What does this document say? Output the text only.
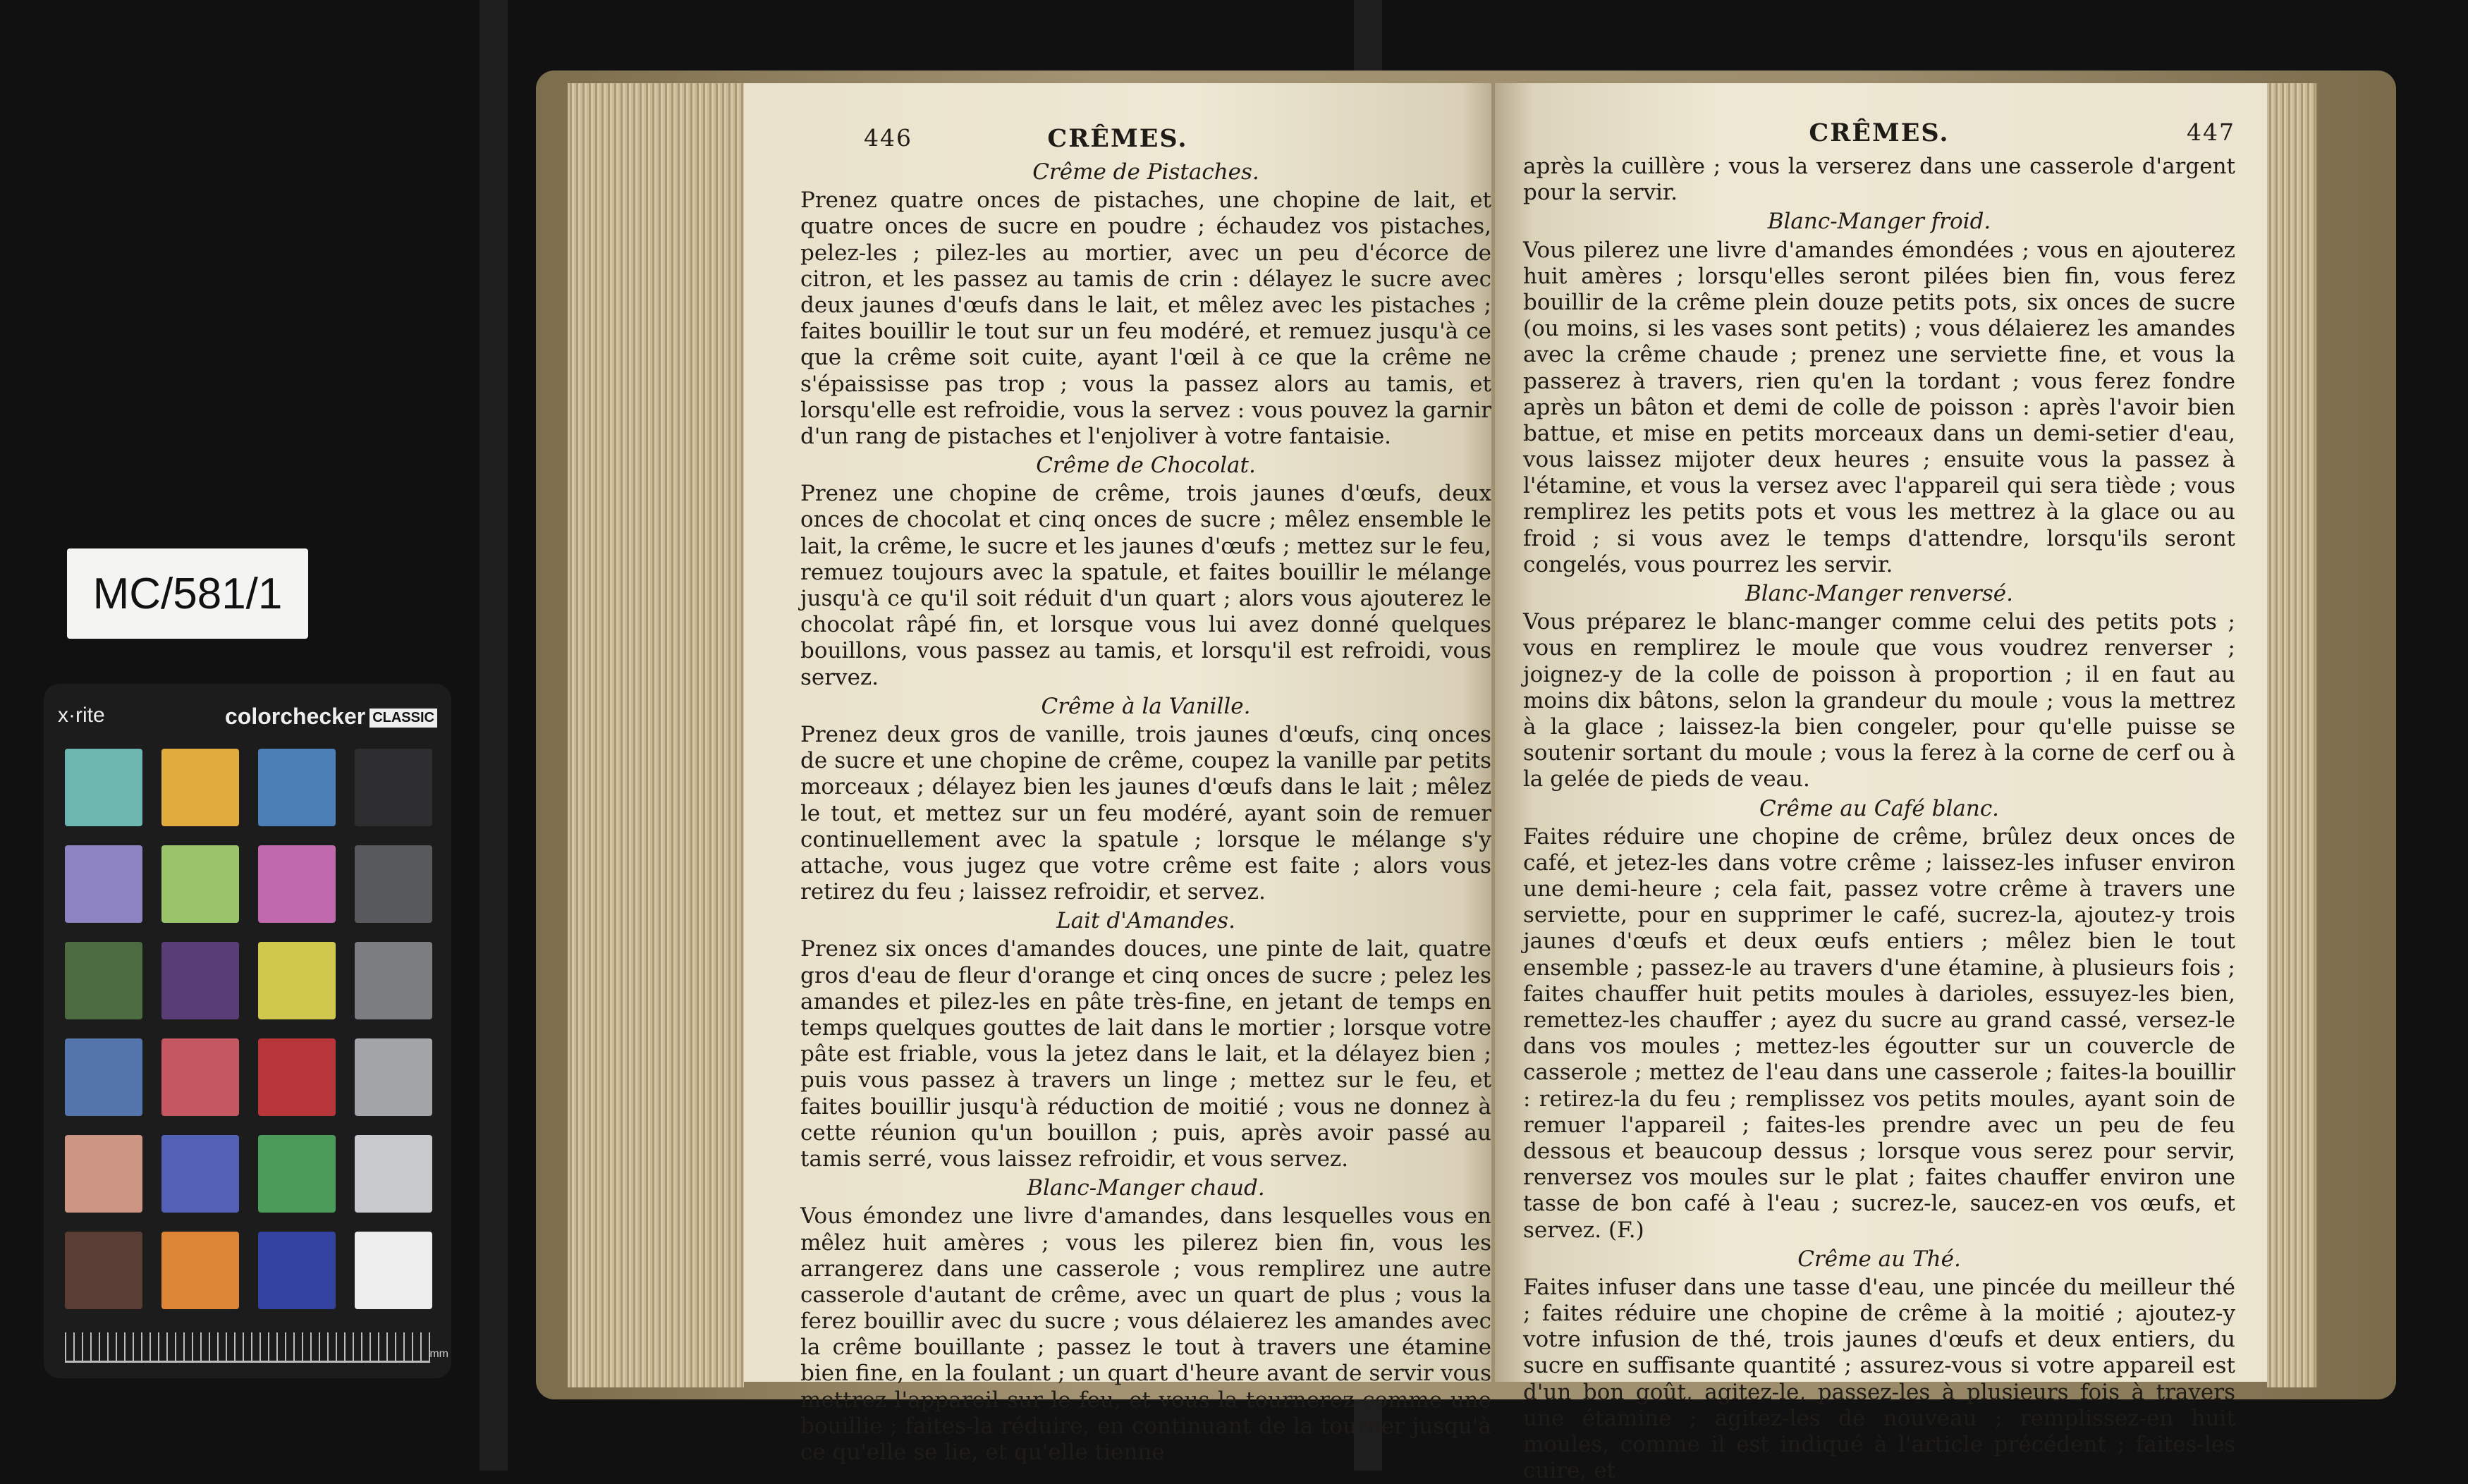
MC/581/1
x·rite	colorchecker CLASSIC
mm
446	CRÊMES.
Crême de Pistaches.

Prenez quatre onces de pistaches, une chopine de lait, et quatre onces de sucre en poudre ; échaudez vos pistaches, pelez-les ; pilez-les au mortier, avec un peu d'écorce de citron, et les passez au tamis de crin : délayez le sucre avec deux jaunes d'œufs dans le lait, et mêlez avec les pistaches ; faites bouillir le tout sur un feu modéré, et remuez jusqu'à ce que la crême soit cuite, ayant l'œil à ce que la crême ne s'épaississe pas trop ; vous la passez alors au tamis, et lorsqu'elle est refroidie, vous la servez : vous pouvez la garnir d'un rang de pistaches et l'enjoliver à votre fantaisie.

Crême de Chocolat.

Prenez une chopine de crême, trois jaunes d'œufs, deux onces de chocolat et cinq onces de sucre ; mêlez ensemble le lait, la crême, le sucre et les jaunes d'œufs ; mettez sur le feu, remuez toujours avec la spatule, et faites bouillir le mélange jusqu'à ce qu'il soit réduit d'un quart ; alors vous ajouterez le chocolat râpé fin, et lorsque vous lui avez donné quelques bouillons, vous passez au tamis, et lorsqu'il est refroidi, vous servez.

Crême à la Vanille.

Prenez deux gros de vanille, trois jaunes d'œufs, cinq onces de sucre et une chopine de crême, coupez la vanille par petits morceaux ; délayez bien les jaunes d'œufs dans le lait ; mêlez le tout, et mettez sur un feu modéré, ayant soin de remuer continuellement avec la spatule ; lorsque le mélange s'y attache, vous jugez que votre crême est faite ; alors vous retirez du feu ; laissez refroidir, et servez.

Lait d'Amandes.

Prenez six onces d'amandes douces, une pinte de lait, quatre gros d'eau de fleur d'orange et cinq onces de sucre ; pelez les amandes et pilez-les en pâte très-fine, en jetant de temps en temps quelques gouttes de lait dans le mortier ; lorsque votre pâte est friable, vous la jetez dans le lait, et la délayez bien ; puis vous passez à travers un linge ; mettez sur le feu, et faites bouillir jusqu'à réduction de moitié ; vous ne donnez à cette réunion qu'un bouillon ; puis, après avoir passé au tamis serré, vous laissez refroidir, et vous servez.

Blanc-Manger chaud.

Vous émondez une livre d'amandes, dans lesquelles vous en mêlez huit amères ; vous les pilerez bien fin, vous les arrangerez dans une casserole ; vous remplirez une autre casserole d'autant de crême, avec un quart de plus ; vous la ferez bouillir avec du sucre ; vous délaierez les amandes avec la crême bouillante ; passez le tout à travers une étamine bien fine, en la foulant ; un quart d'heure avant de servir vous mettrez l'appareil sur le feu, et vous la tournerez comme une bouillie ; faites-la réduire, en continuant de la tourner jusqu'à ce qu'elle se lie, et qu'elle tienne

CRÊMES.	447

après la cuillère ; vous la verserez dans une casserole d'argent pour la servir.

Blanc-Manger froid.

Vous pilerez une livre d'amandes émondées ; vous en ajouterez huit amères ; lorsqu'elles seront pilées bien fin, vous ferez bouillir de la crême plein douze petits pots, six onces de sucre (ou moins, si les vases sont petits) ; vous délaierez les amandes avec la crême chaude ; prenez une serviette fine, et vous la passerez à travers, rien qu'en la tordant ; vous ferez fondre après un bâton et demi de colle de poisson : après l'avoir bien battue, et mise en petits morceaux dans un demi-setier d'eau, vous laissez mijoter deux heures ; ensuite vous la passez à l'étamine, et vous la versez avec l'appareil qui sera tiède ; vous remplirez les petits pots et vous les mettrez à la glace ou au froid ; si vous avez le temps d'attendre, lorsqu'ils seront congelés, vous pourrez les servir.

Blanc-Manger renversé.

Vous préparez le blanc-manger comme celui des petits pots ; vous en remplirez le moule que vous voudrez renverser ; joignez-y de la colle de poisson à proportion ; il en faut au moins dix bâtons, selon la grandeur du moule ; vous la mettrez à la glace ; laissez-la bien congeler, pour qu'elle puisse se soutenir sortant du moule ; vous la ferez à la corne de cerf ou à la gelée de pieds de veau.

Crême au Café blanc.

Faites réduire une chopine de crême, brûlez deux onces de café, et jetez-les dans votre crême ; laissez-les infuser environ une demi-heure ; cela fait, passez votre crême à travers une serviette, pour en supprimer le café, sucrez-la, ajoutez-y trois jaunes d'œufs et deux œufs entiers ; mêlez bien le tout ensemble ; passez-le au travers d'une étamine, à plusieurs fois ; faites chauffer huit petits moules à darioles, essuyez-les bien, remettez-les chauffer ; ayez du sucre au grand cassé, versez-le dans vos moules ; mettez-les égoutter sur un couvercle de casserole ; mettez de l'eau dans une casserole ; faites-la bouillir : retirez-la du feu ; remplissez vos petits moules, ayant soin de remuer l'appareil ; faites-les prendre avec un peu de feu dessous et beaucoup dessus ; lorsque vous serez pour servir, renversez vos moules sur le plat ; faites chauffer environ une tasse de bon café à l'eau ; sucrez-le, saucez-en vos œufs, et servez. (F.)

Crême au Thé.

Faites infuser dans une tasse d'eau, une pincée du meilleur thé ; faites réduire une chopine de crême à la moitié ; ajoutez-y votre infusion de thé, trois jaunes d'œufs et deux entiers, du sucre en suffisante quantité ; assurez-vous si votre appareil est d'un bon goût, agitez-le, passez-les à plusieurs fois à travers une étamine ; agitez-les de nouveau ; remplissez-en huit moules, comme il est indiqué à l'article précédent ; faites-les cuire, et
